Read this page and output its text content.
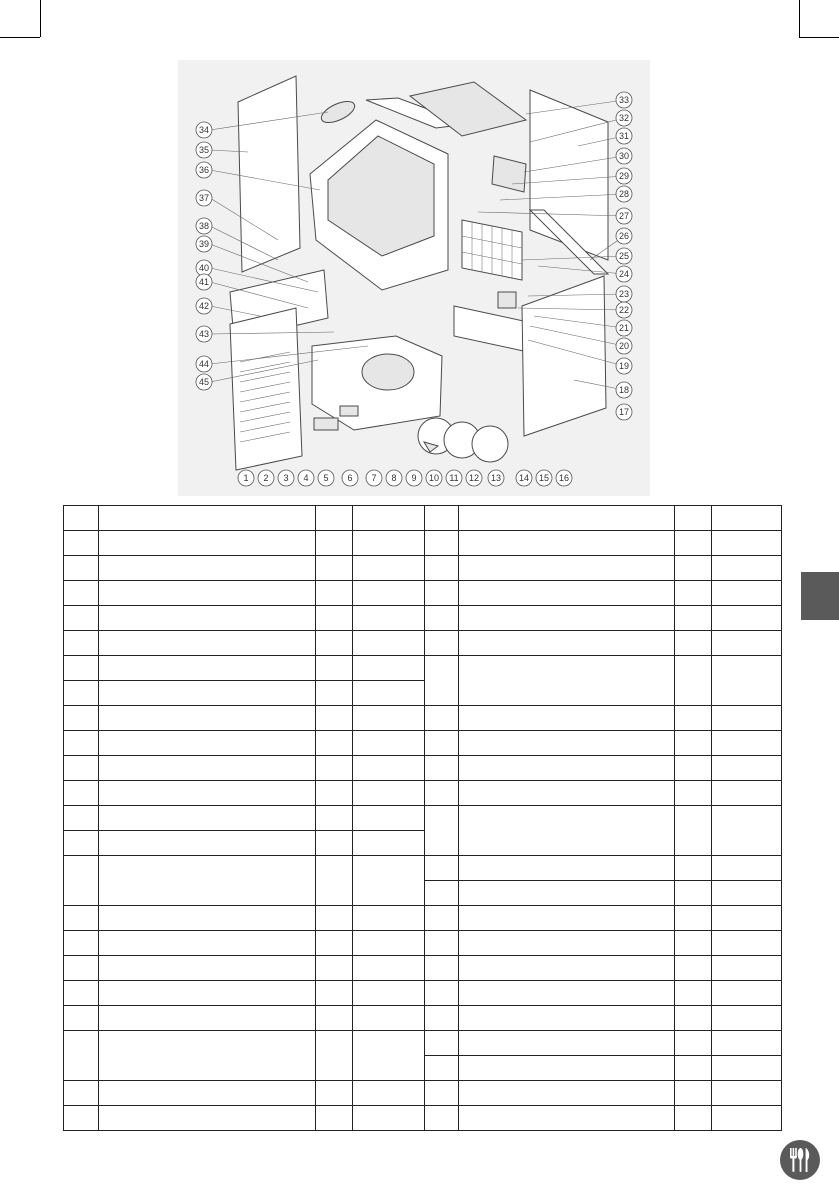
1 2 3 4 5 6 7 8 9 10 11 12 13 14 15 16
17
18
19
20
21
22
23
24
25
26
27
28
29
30
31
32
33
34
35
36
37
38
39
40
41
42
43
44
45
